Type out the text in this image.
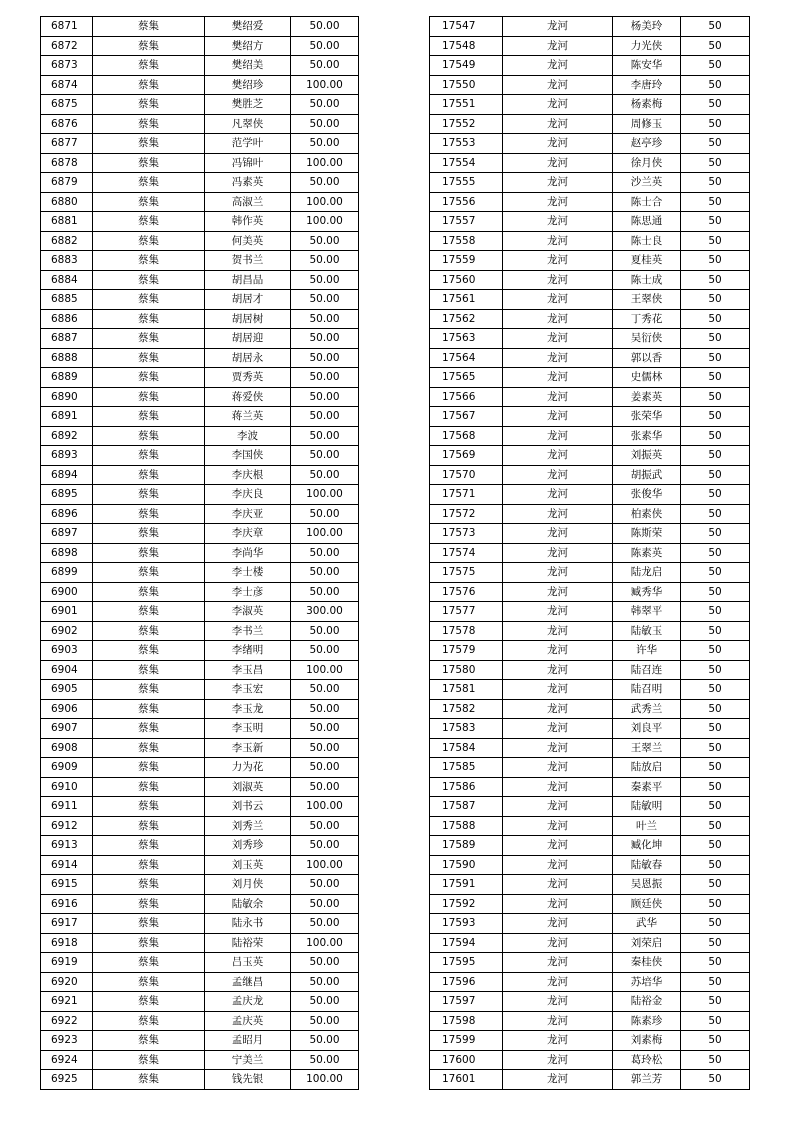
6871	蔡集	樊绍爱	50.00
6872	蔡集	樊绍方	50.00
6873	蔡集	樊绍美	50.00
6874	蔡集	樊绍珍	100.00
6875	蔡集	樊胜芝	50.00
6876	蔡集	凡翠侠	50.00
6877	蔡集	范学叶	50.00
6878	蔡集	冯锦叶	100.00
6879	蔡集	冯素英	50.00
6880	蔡集	高淑兰	100.00
6881	蔡集	韩作英	100.00
6882	蔡集	何美英	50.00
6883	蔡集	贺书兰	50.00
6884	蔡集	胡昌品	50.00
6885	蔡集	胡居才	50.00
6886	蔡集	胡居树	50.00
6887	蔡集	胡居迎	50.00
6888	蔡集	胡居永	50.00
6889	蔡集	贾秀英	50.00
6890	蔡集	蒋爱侠	50.00
6891	蔡集	蒋兰英	50.00
6892	蔡集	李波	50.00
6893	蔡集	李国侠	50.00
6894	蔡集	李庆根	50.00
6895	蔡集	李庆良	100.00
6896	蔡集	李庆亚	50.00
6897	蔡集	李庆章	100.00
6898	蔡集	李尚华	50.00
6899	蔡集	李士楼	50.00
6900	蔡集	李士彦	50.00
6901	蔡集	李淑英	300.00
6902	蔡集	李书兰	50.00
6903	蔡集	李绪明	50.00
6904	蔡集	李玉昌	100.00
6905	蔡集	李玉宏	50.00
6906	蔡集	李玉龙	50.00
6907	蔡集	李玉明	50.00
6908	蔡集	李玉新	50.00
6909	蔡集	力为花	50.00
6910	蔡集	刘淑英	50.00
6911	蔡集	刘书云	100.00
6912	蔡集	刘秀兰	50.00
6913	蔡集	刘秀珍	50.00
6914	蔡集	刘玉英	100.00
6915	蔡集	刘月侠	50.00
6916	蔡集	陆敏余	50.00
6917	蔡集	陆永书	50.00
6918	蔡集	陆裕荣	100.00
6919	蔡集	吕玉英	50.00
6920	蔡集	孟继昌	50.00
6921	蔡集	孟庆龙	50.00
6922	蔡集	孟庆英	50.00
6923	蔡集	孟昭月	50.00
6924	蔡集	宁美兰	50.00
6925	蔡集	钱先银	100.00
17547	龙河	杨美玲	50
17548	龙河	力光侠	50
17549	龙河	陈安华	50
17550	龙河	李唐玲	50
17551	龙河	杨素梅	50
17552	龙河	周修玉	50
17553	龙河	赵亭珍	50
17554	龙河	徐月侠	50
17555	龙河	沙兰英	50
17556	龙河	陈士合	50
17557	龙河	陈思通	50
17558	龙河	陈士良	50
17559	龙河	夏桂英	50
17560	龙河	陈士成	50
17561	龙河	王翠侠	50
17562	龙河	丁秀花	50
17563	龙河	吴衍侠	50
17564	龙河	郭以香	50
17565	龙河	史儒林	50
17566	龙河	姜素英	50
17567	龙河	张荣华	50
17568	龙河	张素华	50
17569	龙河	刘振英	50
17570	龙河	胡振武	50
17571	龙河	张俊华	50
17572	龙河	柏素侠	50
17573	龙河	陈斯荣	50
17574	龙河	陈素英	50
17575	龙河	陆龙启	50
17576	龙河	臧秀华	50
17577	龙河	韩翠平	50
17578	龙河	陆敏玉	50
17579	龙河	许华	50
17580	龙河	陆召连	50
17581	龙河	陆召明	50
17582	龙河	武秀兰	50
17583	龙河	刘良平	50
17584	龙河	王翠兰	50
17585	龙河	陆放启	50
17586	龙河	秦素平	50
17587	龙河	陆敏明	50
17588	龙河	叶兰	50
17589	龙河	臧化坤	50
17590	龙河	陆敏春	50
17591	龙河	吴恩振	50
17592	龙河	顾廷侠	50
17593	龙河	武华	50
17594	龙河	刘荣启	50
17595	龙河	秦桂侠	50
17596	龙河	苏培华	50
17597	龙河	陆裕金	50
17598	龙河	陈素珍	50
17599	龙河	刘素梅	50
17600	龙河	葛玲松	50
17601	龙河	郭兰芳	50
